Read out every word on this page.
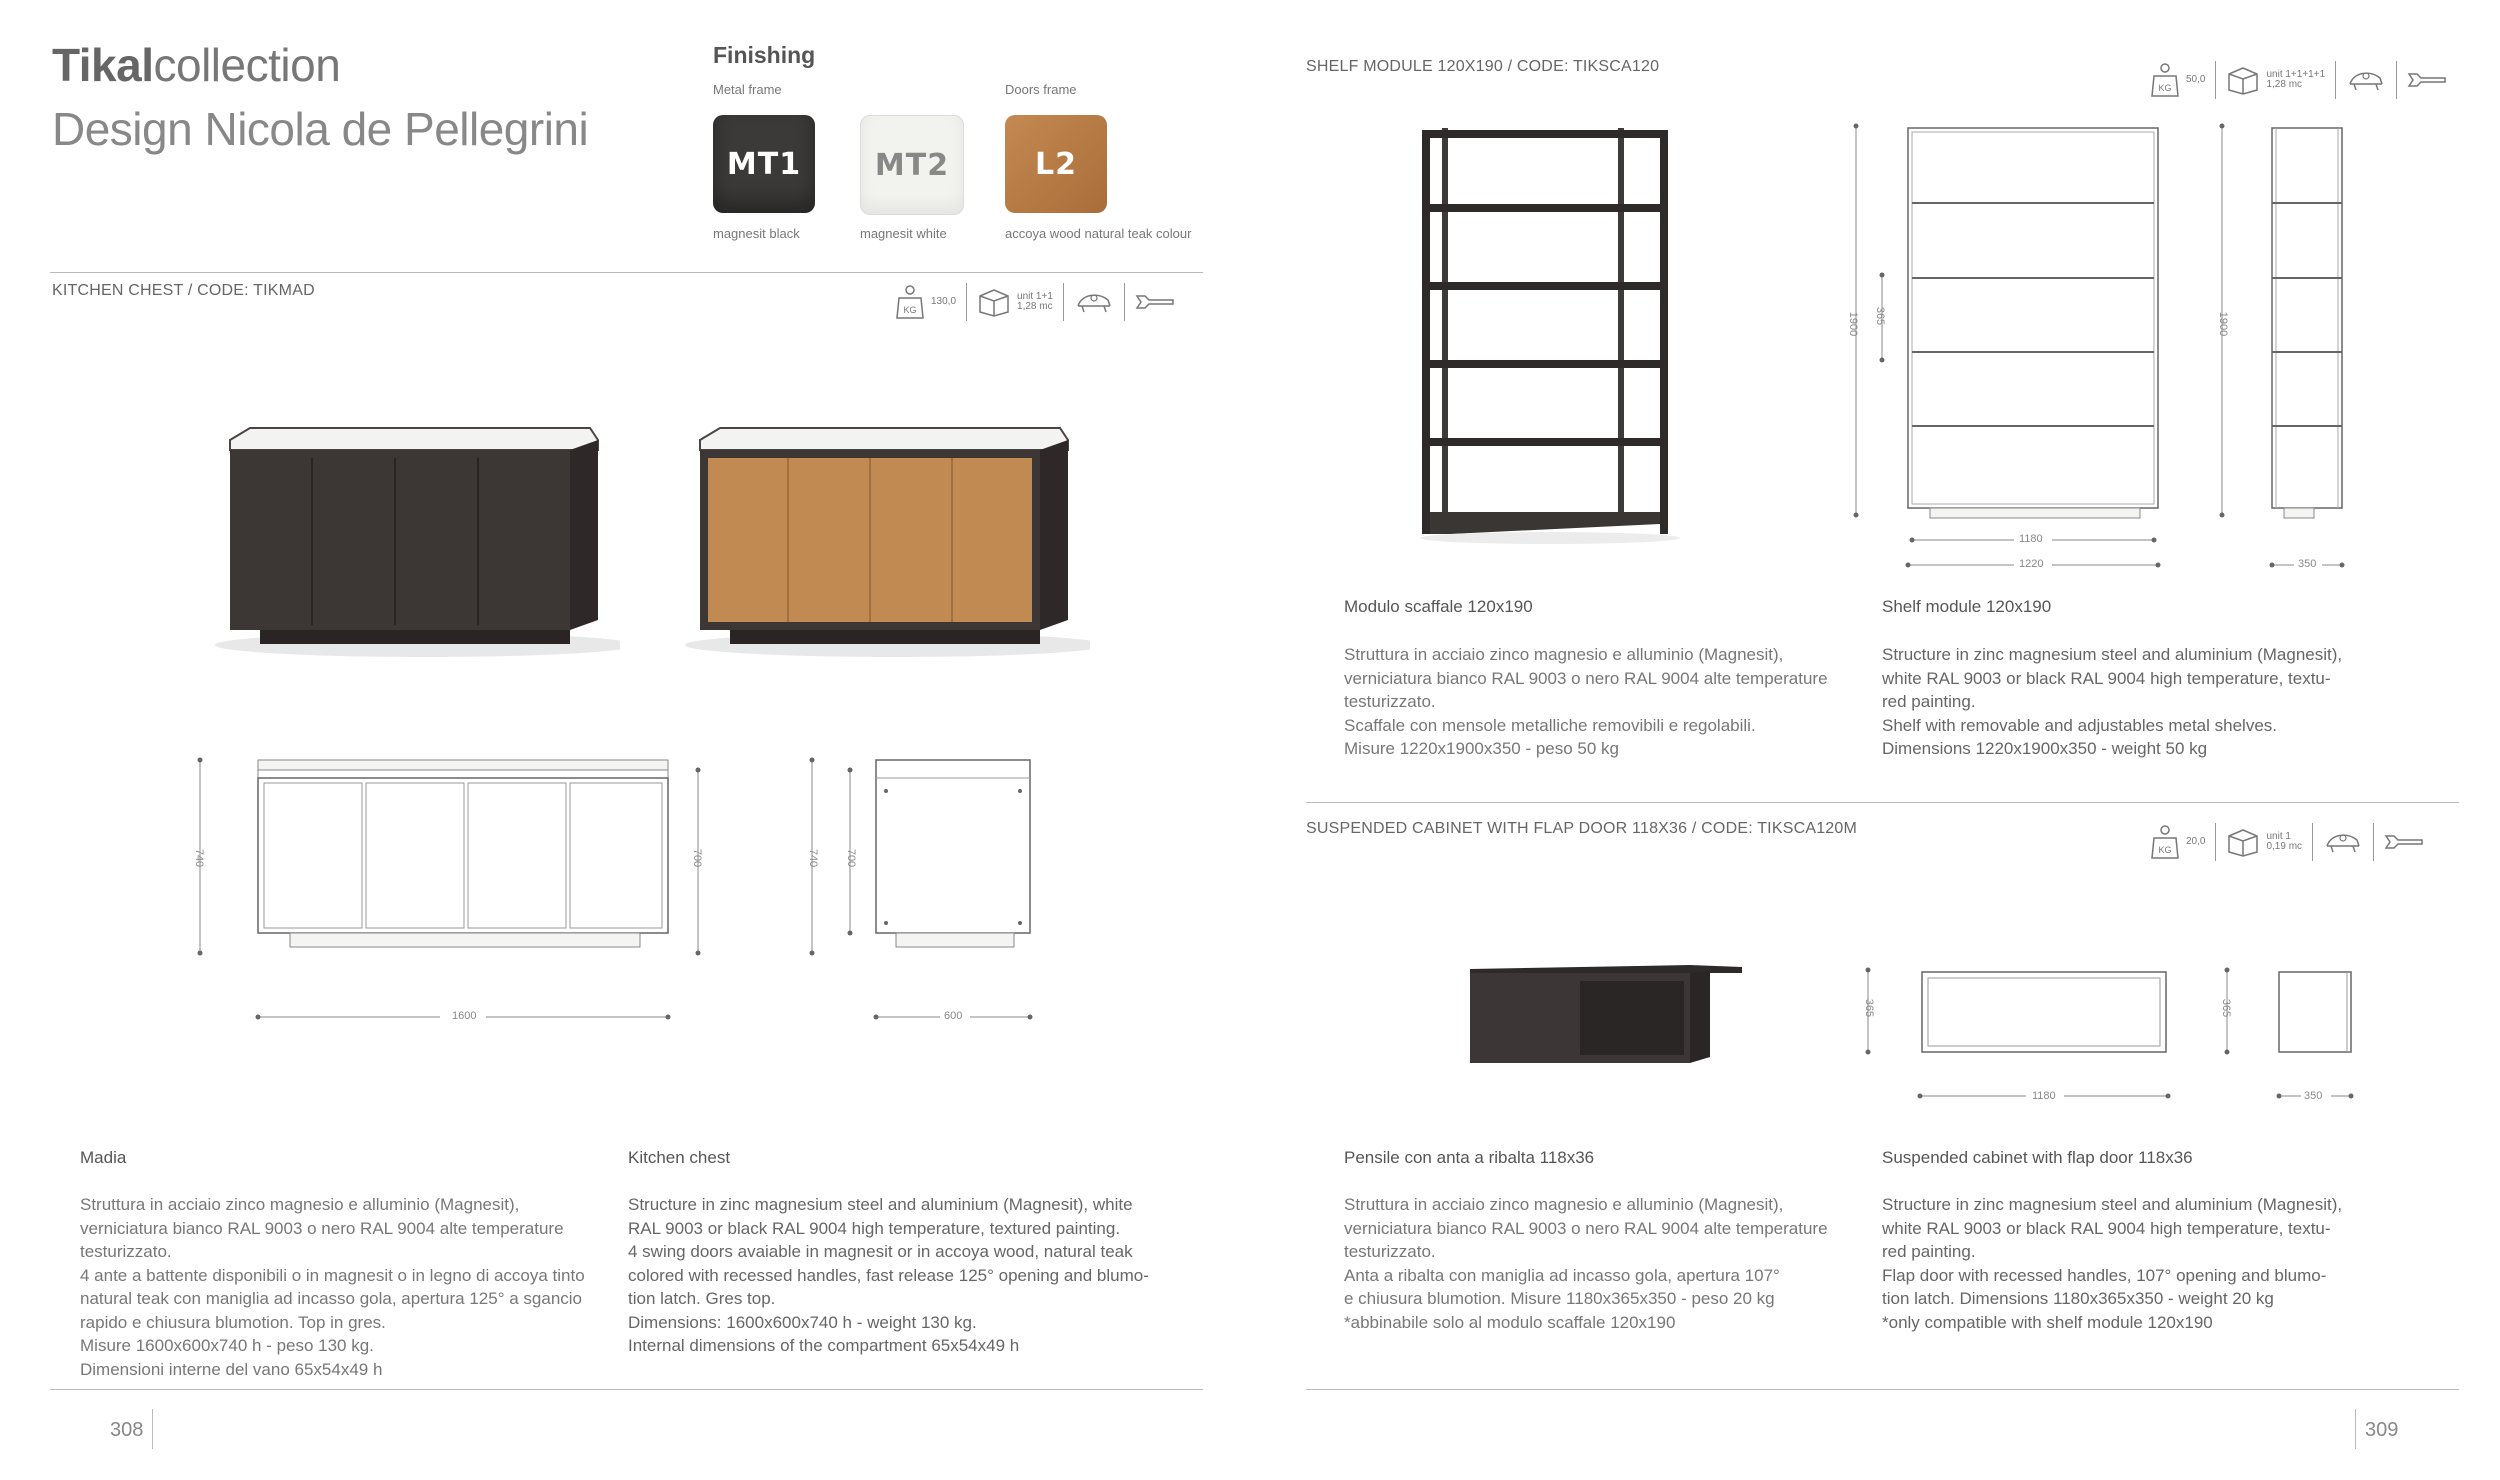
Tikalcollection
Design Nicola de Pellegrini
Finishing
Metal frame	Doors frame
MT1 MT2	L2
magnesit black	magnesit white	accoya wood natural teak colour
KITCHEN CHEST / CODE: TIKMAD
KG
130,0	unit 1+1
1,28 mc
740	700
1600
740 700
600
Madia
Struttura in acciaio zinco magnesio e alluminio (Magnesit),
verniciatura bianco RAL 9003 o nero RAL 9004 alte temperature
testurizzato.
4 ante a battente disponibili o in magnesit o in legno di accoya tinto
natural teak con maniglia ad incasso gola, apertura 125° a sgancio
rapido e chiusura blumotion. Top in gres.
Misure 1600x600x740 h - peso 130 kg.
Dimensioni interne del vano 65x54x49 h
Kitchen chest
Structure in zinc magnesium steel and aluminium (Magnesit), white
RAL 9003 or black RAL 9004 high temperature, textured painting.
4 swing doors avaiable in magnesit or in accoya wood, natural teak
colored with recessed handles, fast release 125° opening and blumo-
tion latch. Gres top.
Dimensions: 1600x600x740 h - weight 130 kg.
Internal dimensions of the compartment 65x54x49 h
308
SHELF MODULE 120X190 / CODE: TIKSCA120
KG
50,0	unit 1+1+1+1
1,28 mc
1900 365
1180
1220
1900
350
Modulo scaffale 120x190
Struttura in acciaio zinco magnesio e alluminio (Magnesit),
verniciatura bianco RAL 9003 o nero RAL 9004 alte temperature
testurizzato.
Scaffale con mensole metalliche removibili e regolabili.
Misure 1220x1900x350 - peso 50 kg
Shelf module 120x190
Structure in zinc magnesium steel and aluminium (Magnesit),
white RAL 9003 or black RAL 9004 high temperature, textu-
red painting.
Shelf with removable and adjustables metal shelves.
Dimensions 1220x1900x350 - weight 50 kg
SUSPENDED CABINET WITH FLAP DOOR 118X36 / CODE: TIKSCA120M
KG
20,0	unit 1
0,19 mc
365
1180
365
350
Pensile con anta a ribalta 118x36
Struttura in acciaio zinco magnesio e alluminio (Magnesit),
verniciatura bianco RAL 9003 o nero RAL 9004 alte temperature
testurizzato.
Anta a ribalta con maniglia ad incasso gola, apertura 107°
e chiusura blumotion. Misure 1180x365x350 - peso 20 kg
*abbinabile solo al modulo scaffale 120x190
Suspended cabinet with flap door 118x36
Structure in zinc magnesium steel and aluminium (Magnesit),
white RAL 9003 or black RAL 9004 high temperature, textu-
red painting.
Flap door with recessed handles, 107° opening and blumo-
tion latch. Dimensions 1180x365x350 - weight 20 kg
*only compatible with shelf module 120x190
309
